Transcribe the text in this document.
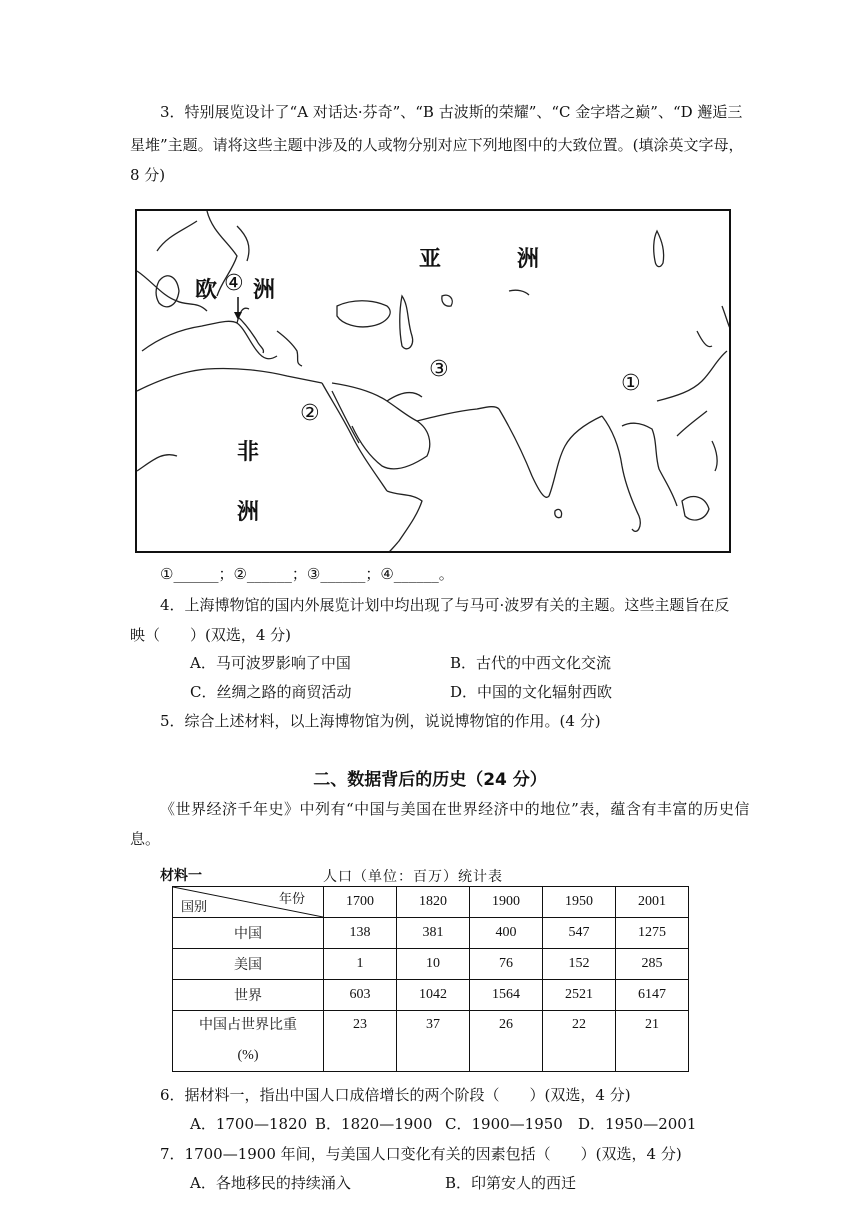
3．特别展览设计了“A 对话达·芬奇”、“B 古波斯的荣耀”、“C 金字塔之巅”、“D 邂逅三
星堆”主题。请将这些主题中涉及的人或物分别对应下列地图中的大致位置。(填涂英文字母，
8 分)
亚	洲
欧 ④ 洲
③
①
②
非
洲
①______；②______；③______；④______。
4．上海博物馆的国内外展览计划中均出现了与马可·波罗有关的主题。这些主题旨在反
映（　　）(双选，4 分)
A．马可波罗影响了中国	B．古代的中西文化交流
C．丝绸之路的商贸活动	D．中国的文化辐射西欧
5．综合上述材料，以上海博物馆为例，说说博物馆的作用。(4 分)
二、数据背后的历史（24 分）
《世界经济千年史》中列有“中国与美国在世界经济中的地位”表，蕴含有丰富的历史信
息。
材料一	人口（单位：百万）统计表
年份
国别	1700	1820	1900	1950	2001
中国	138	381	400	547	1275
美国	1	10	76	152	285
世界	603	1042	1564	2521	6147

中国占世界比重
(%)	23	37	26	22	21
6．据材料一，指出中国人口成倍增长的两个阶段（　　）(双选，4 分)
A．1700—1820 B．1820—1900 C．1900—1950 D．1950—2001
7．1700—1900 年间，与美国人口变化有关的因素包括（　　）(双选，4 分)
A．各地移民的持续涌入	B．印第安人的西迁
